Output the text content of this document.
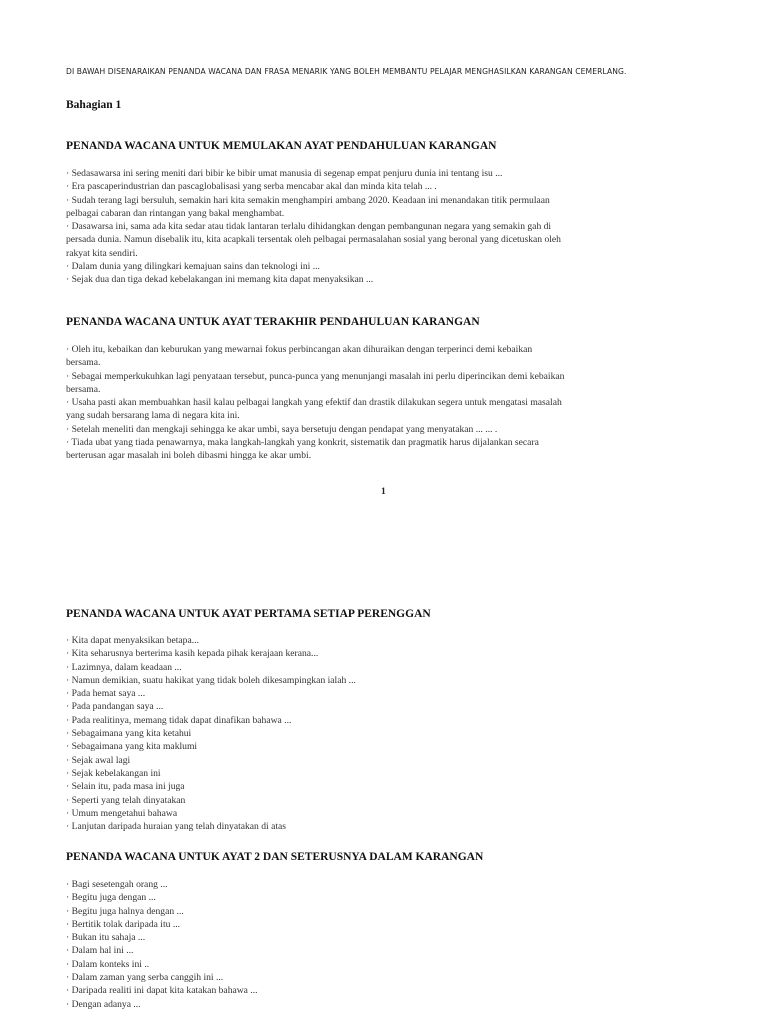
DI BAWAH DISENARAIKAN PENANDA WACANA DAN FRASA MENARIK YANG BOLEH MEMBANTU PELAJAR MENGHASILKAN KARANGAN CEMERLANG.
Bahagian 1
PENANDA WACANA UNTUK MEMULAKAN AYAT PENDAHULUAN KARANGAN
· Sedasawarsa ini sering meniti dari bibir ke bibir umat manusia di segenap empat penjuru dunia ini tentang isu ...
· Era pascaperindustrian dan pascaglobalisasi yang serba mencabar akal dan minda kita telah ... .
· Sudah terang lagi bersuluh, semakin hari kita semakin menghampiri ambang 2020. Keadaan ini menandakan titik permulaan pelbagai cabaran dan rintangan yang bakal menghambat.
· Dasawarsa ini, sama ada kita sedar atau tidak lantaran terlalu dihidangkan dengan pembangunan negara yang semakin gah di persada dunia. Namun disebalik itu, kita acapkali tersentak oleh pelbagai permasalahan sosial yang beronal yang dicetuskan oleh rakyat kita sendiri.
· Dalam dunia yang dilingkari kemajuan sains dan teknologi ini ...
· Sejak dua dan tiga dekad kebelakangan ini memang kita dapat menyaksikan ...
PENANDA WACANA UNTUK AYAT TERAKHIR PENDAHULUAN KARANGAN
· Oleh itu, kebaikan dan keburukan yang mewarnai fokus perbincangan akan dihuraikan dengan terperinci demi kebaikan bersama.
· Sebagai memperkukuhkan lagi penyataan tersebut, punca-punca yang menunjangi masalah ini perlu diperincikan demi kebaikan bersama.
· Usaha pasti akan membuahkan hasil kalau pelbagai langkah yang efektif dan drastik dilakukan segera untuk mengatasi masalah yang sudah bersarang lama di negara kita ini.
· Setelah meneliti dan mengkaji sehingga ke akar umbi, saya bersetuju dengan pendapat yang menyatakan ... ... .
· Tiada ubat yang tiada penawarnya, maka langkah-langkah yang konkrit, sistematik dan pragmatik harus dijalankan secara berterusan agar masalah ini boleh dibasmi hingga ke akar umbi.
1
PENANDA WACANA UNTUK AYAT PERTAMA SETIAP PERENGGAN
· Kita dapat menyaksikan betapa...
· Kita seharusnya berterima kasih kepada pihak kerajaan kerana...
· Lazimnya, dalam keadaan ...
· Namun demikian, suatu hakikat yang tidak boleh dikesampingkan ialah ...
· Pada hemat saya ...
· Pada pandangan saya ...
· Pada realitinya, memang tidak dapat dinafikan bahawa ...
· Sebagaimana yang kita ketahui
· Sebagaimana yang kita maklumi
· Sejak awal lagi
· Sejak kebelakangan ini
· Selain itu, pada masa ini juga
· Seperti yang telah dinyatakan
· Umum mengetahui bahawa
· Lanjutan daripada huraian yang telah dinyatakan di atas
PENANDA WACANA UNTUK AYAT 2 DAN SETERUSNYA DALAM KARANGAN
· Bagi sesetengah orang ...
· Begitu juga dengan ...
· Begitu juga halnya dengan ...
· Bertitik tolak daripada itu ...
· Bukan itu sahaja ...
· Dalam hal ini ...
· Dalam konteks ini ..
· Dalam zaman yang serba canggih ini ...
· Daripada realiti ini dapat kita katakan bahawa ...
· Dengan adanya ...
